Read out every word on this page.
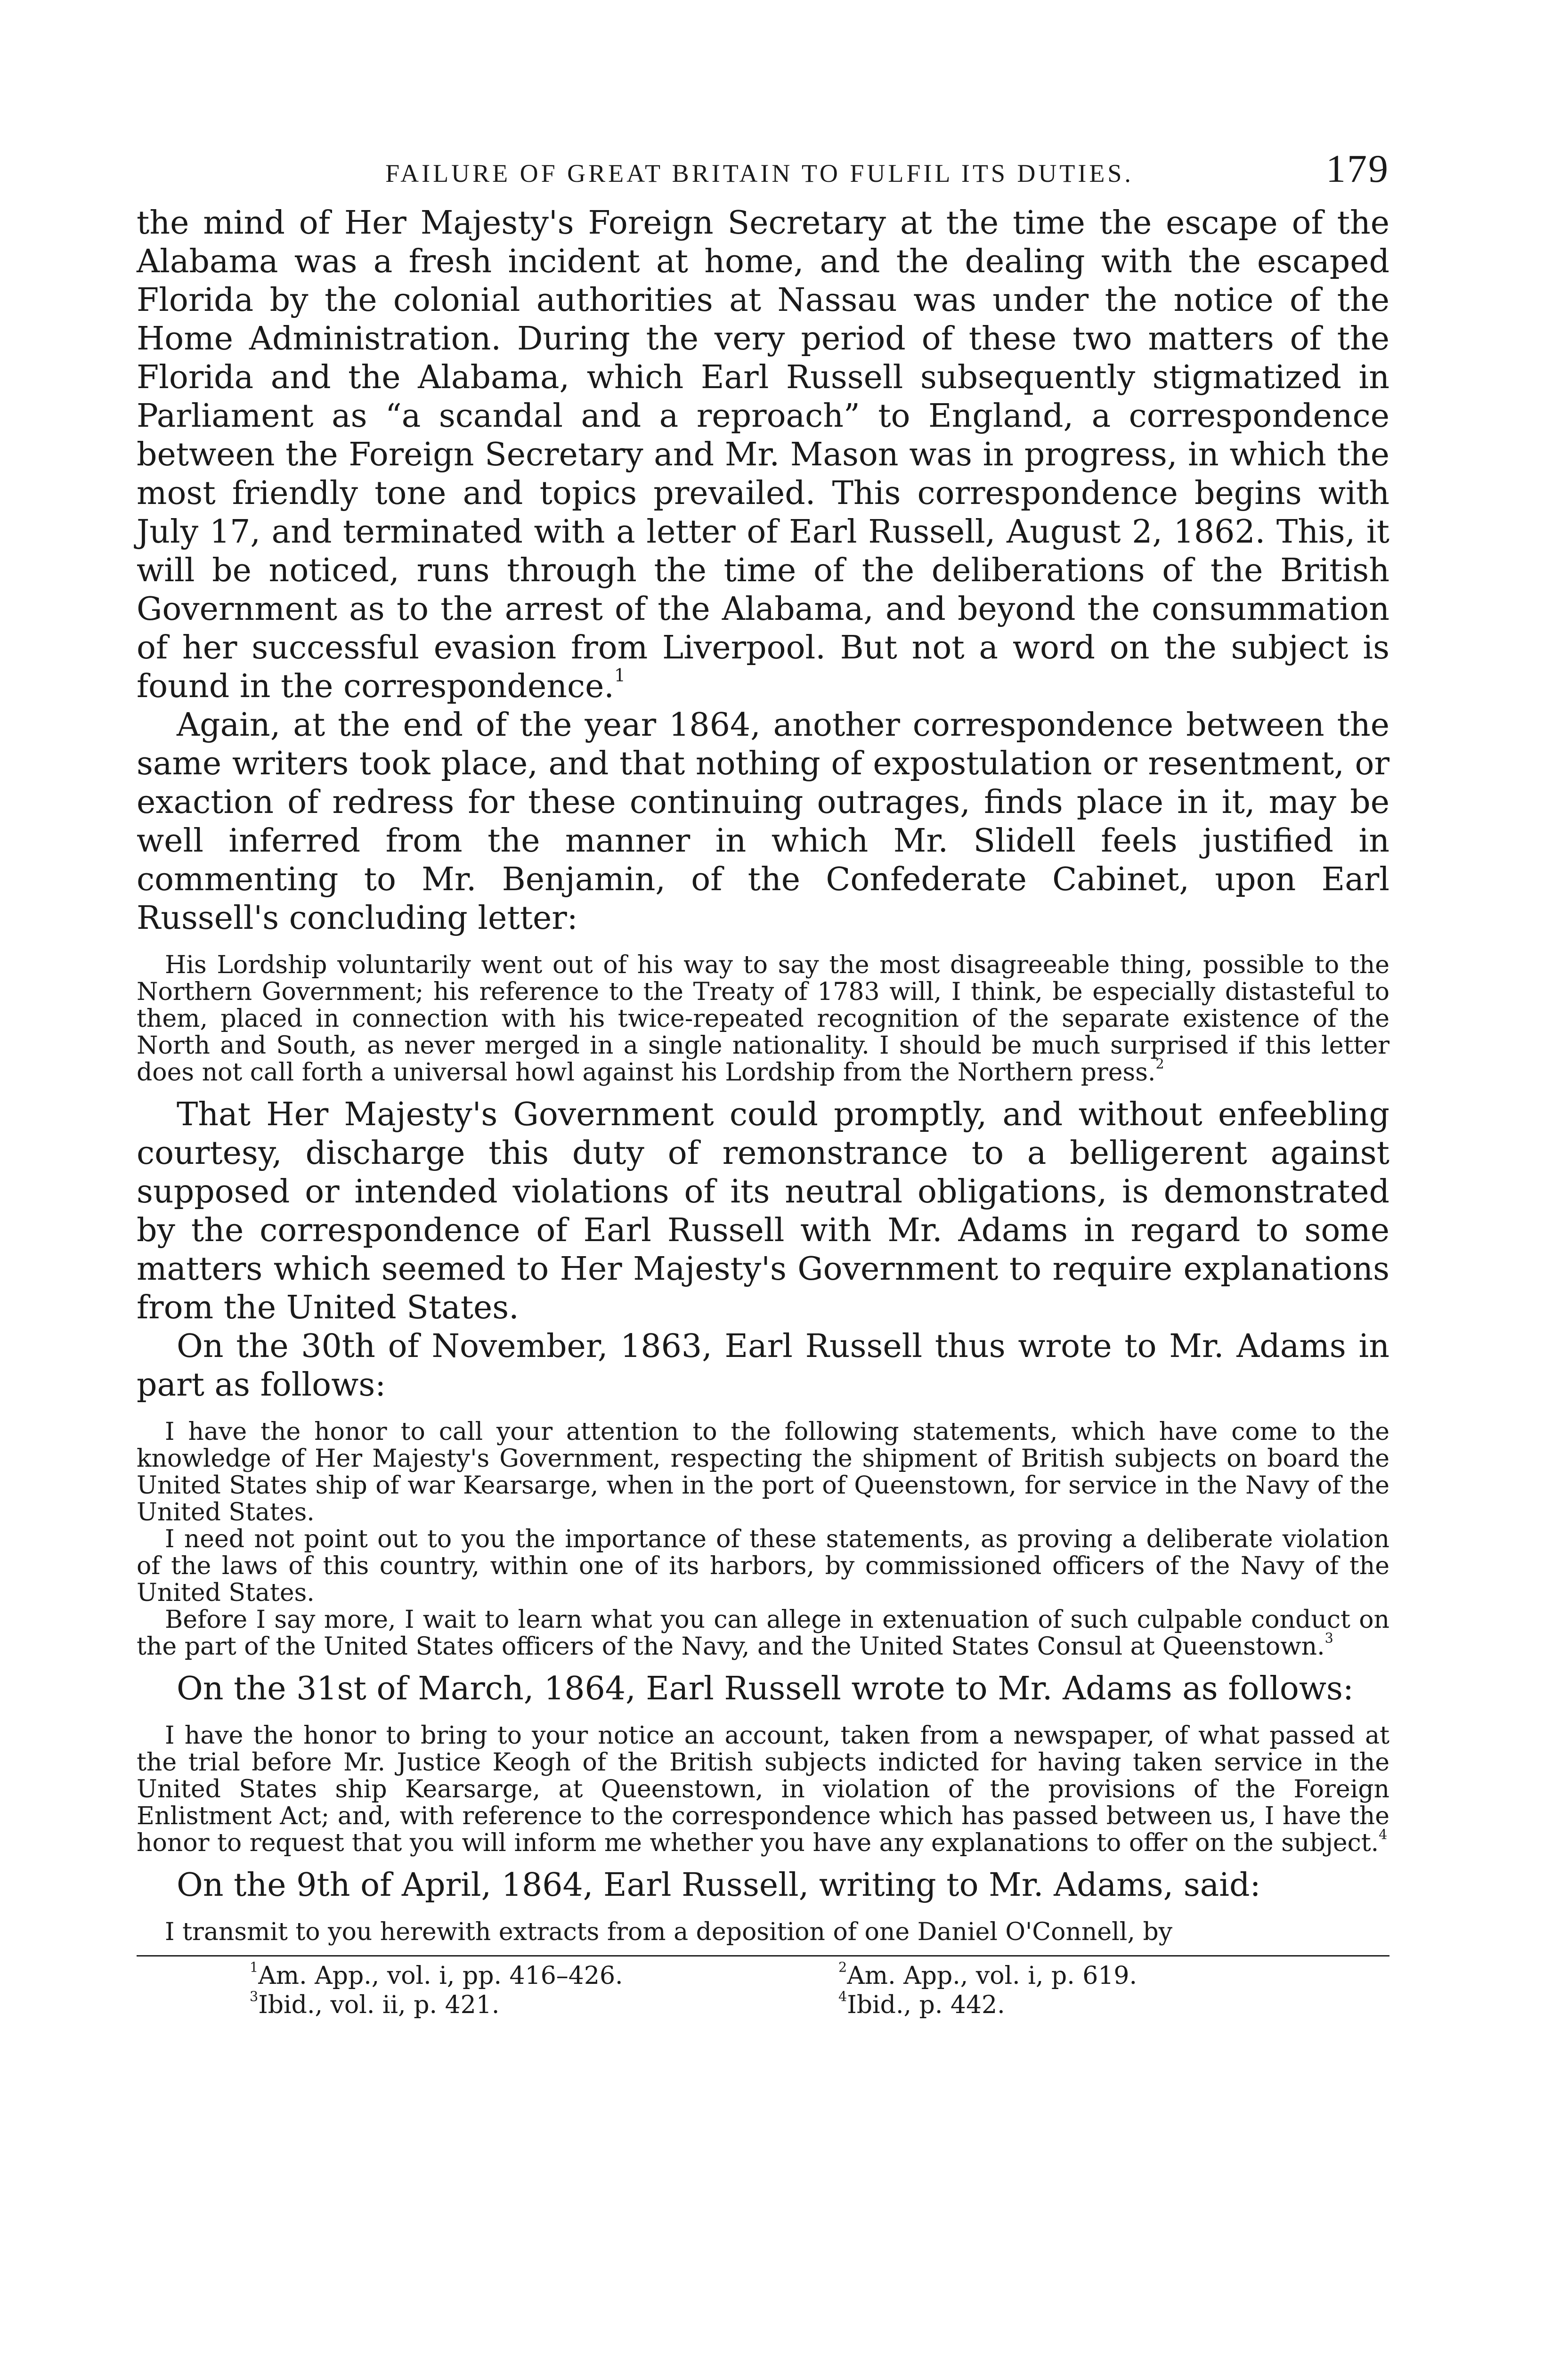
FAILURE OF GREAT BRITAIN TO FULFIL ITS DUTIES.	179

the mind of Her Majesty's Foreign Secretary at the time the escape of the Alabama was a fresh incident at home, and the dealing with the escaped Florida by the colonial authorities at Nassau was under the notice of the Home Administration. During the very period of these two matters of the Florida and the Alabama, which Earl Russell subsequently stigmatized in Parliament as “a scandal and a reproach” to England, a correspondence between the Foreign Secretary and Mr. Mason was in progress, in which the most friendly tone and topics prevailed. This correspondence begins with July 17, and terminated with a letter of Earl Russell, August 2, 1862. This, it will be noticed, runs through the time of the deliberations of the British Government as to the arrest of the Alabama, and beyond the consummation of her successful evasion from Liverpool. But not a word on the subject is found in the correspondence.$^1$

Again, at the end of the year 1864, another correspondence between the same writers took place, and that nothing of expostulation or resentment, or exaction of redress for these continuing outrages, finds place in it, may be well inferred from the manner in which Mr. Slidell feels justified in commenting to Mr. Benjamin, of the Confederate Cabinet, upon Earl Russell's concluding letter:

His Lordship voluntarily went out of his way to say the most disagreeable thing, possible to the Northern Government; his reference to the Treaty of 1783 will, I think, be especially distasteful to them, placed in connection with his twice-repeated recognition of the separate existence of the North and South, as never merged in a single nationality. I should be much surprised if this letter does not call forth a universal howl against his Lordship from the Northern press.$^2$

That Her Majesty's Government could promptly, and without enfeebling courtesy, discharge this duty of remonstrance to a belligerent against supposed or intended violations of its neutral obligations, is demonstrated by the correspondence of Earl Russell with Mr. Adams in regard to some matters which seemed to Her Majesty's Government to require explanations from the United States.

On the 30th of November, 1863, Earl Russell thus wrote to Mr. Adams in part as follows:

I have the honor to call your attention to the following statements, which have come to the knowledge of Her Majesty's Government, respecting the shipment of British subjects on board the United States ship of war Kearsarge, when in the port of Queenstown, for service in the Navy of the United States.

I need not point out to you the importance of these statements, as proving a deliberate violation of the laws of this country, within one of its harbors, by commissioned officers of the Navy of the United States.

Before I say more, I wait to learn what you can allege in extenuation of such culpable conduct on the part of the United States officers of the Navy, and the United States Consul at Queenstown.$^3$

On the 31st of March, 1864, Earl Russell wrote to Mr. Adams as follows:

I have the honor to bring to your notice an account, taken from a newspaper, of what passed at the trial before Mr. Justice Keogh of the British subjects indicted for having taken service in the United States ship Kearsarge, at Queenstown, in violation of the provisions of the Foreign Enlistment Act; and, with reference to the correspondence which has passed between us, I have the honor to request that you will inform me whether you have any explanations to offer on the subject.$^4$

On the 9th of April, 1864, Earl Russell, writing to Mr. Adams, said:

I transmit to you herewith extracts from a deposition of one Daniel O'Connell, by

$^1$Am. App., vol. i, pp. 416–426.	$^2$Am. App., vol. i, p. 619.
$^3$Ibid., vol. ii, p. 421.	$^4$Ibid., p. 442.
